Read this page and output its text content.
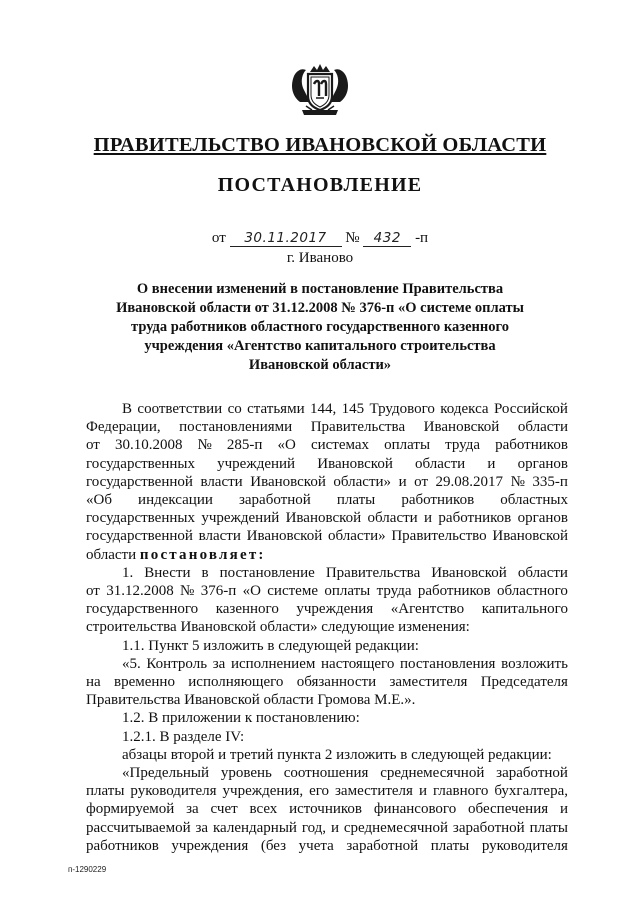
ПРАВИТЕЛЬСТВО ИВАНОВСКОЙ ОБЛАСТИ
ПОСТАНОВЛЕНИЕ
от 30.11.2017 № 432 -п
г. Иваново
О внесении изменений в постановление Правительства
Ивановской области от 31.12.2008 № 376-п «О системе оплаты
труда работников областного государственного казенного
учреждения «Агентство капитального строительства
Ивановской области»
В соответствии со статьями 144, 145 Трудового кодекса Российской
Федерации, постановлениями Правительства Ивановской области
от 30.10.2008 № 285-п «О системах оплаты труда работников
государственных учреждений Ивановской области и органов
государственной власти Ивановской области» и от 29.08.2017 № 335-п
«Об индексации заработной платы работников областных
государственных учреждений Ивановской области и работников органов
государственной власти Ивановской области» Правительство Ивановской
области постановляет:
1. Внести в постановление Правительства Ивановской области
от 31.12.2008 № 376-п «О системе оплаты труда работников областного
государственного казенного учреждения «Агентство капитального
строительства Ивановской области» следующие изменения:
1.1. Пункт 5 изложить в следующей редакции:
«5. Контроль за исполнением настоящего постановления возложить
на временно исполняющего обязанности заместителя Председателя
Правительства Ивановской области Громова М.Е.».
1.2. В приложении к постановлению:
1.2.1. В разделе IV:
абзацы второй и третий пункта 2 изложить в следующей редакции:
«Предельный уровень соотношения среднемесячной заработной
платы руководителя учреждения, его заместителя и главного бухгалтера,
формируемой за счет всех источников финансового обеспечения и
рассчитываемой за календарный год, и среднемесячной заработной платы
работников учреждения (без учета заработной платы руководителя
п-1290229
